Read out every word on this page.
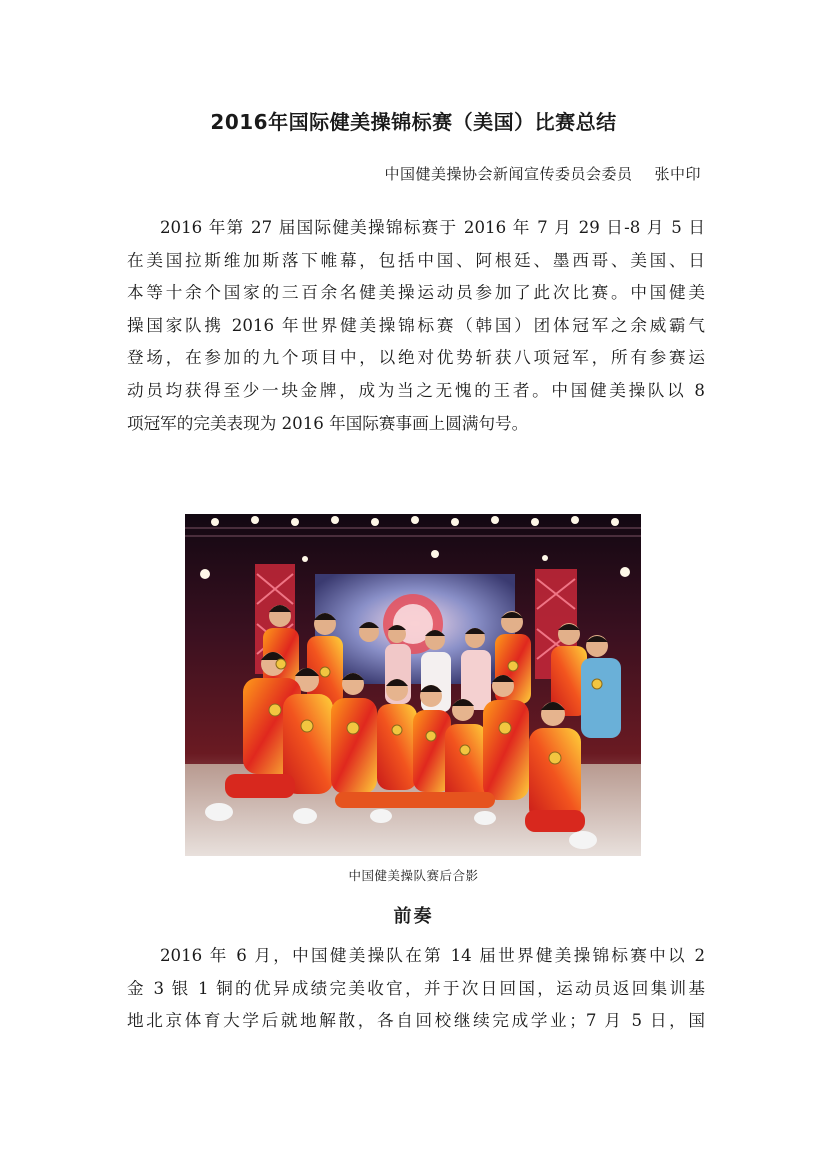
2016年国际健美操锦标赛（美国）比赛总结
中国健美操协会新闻宣传委员会委员 张中印

2016 年第 27 届国际健美操锦标赛于 2016 年 7 月 29 日-8 月 5 日
在美国拉斯维加斯落下帷幕，包括中国、阿根廷、墨西哥、美国、日
本等十余个国家的三百余名健美操运动员参加了此次比赛。中国健美
操国家队携 2016 年世界健美操锦标赛（韩国）团体冠军之余威霸气
登场，在参加的九个项目中，以绝对优势斩获八项冠军，所有参赛运
动员均获得至少一块金牌，成为当之无愧的王者。中国健美操队以 8
项冠军的完美表现为 2016 年国际赛事画上圆满句号。

中国健美操队赛后合影
前奏

2016 年 6 月，中国健美操队在第 14 届世界健美操锦标赛中以 2
金 3 银 1 铜的优异成绩完美收官，并于次日回国，运动员返回集训基
地北京体育大学后就地解散，各自回校继续完成学业；7 月 5 日，国
